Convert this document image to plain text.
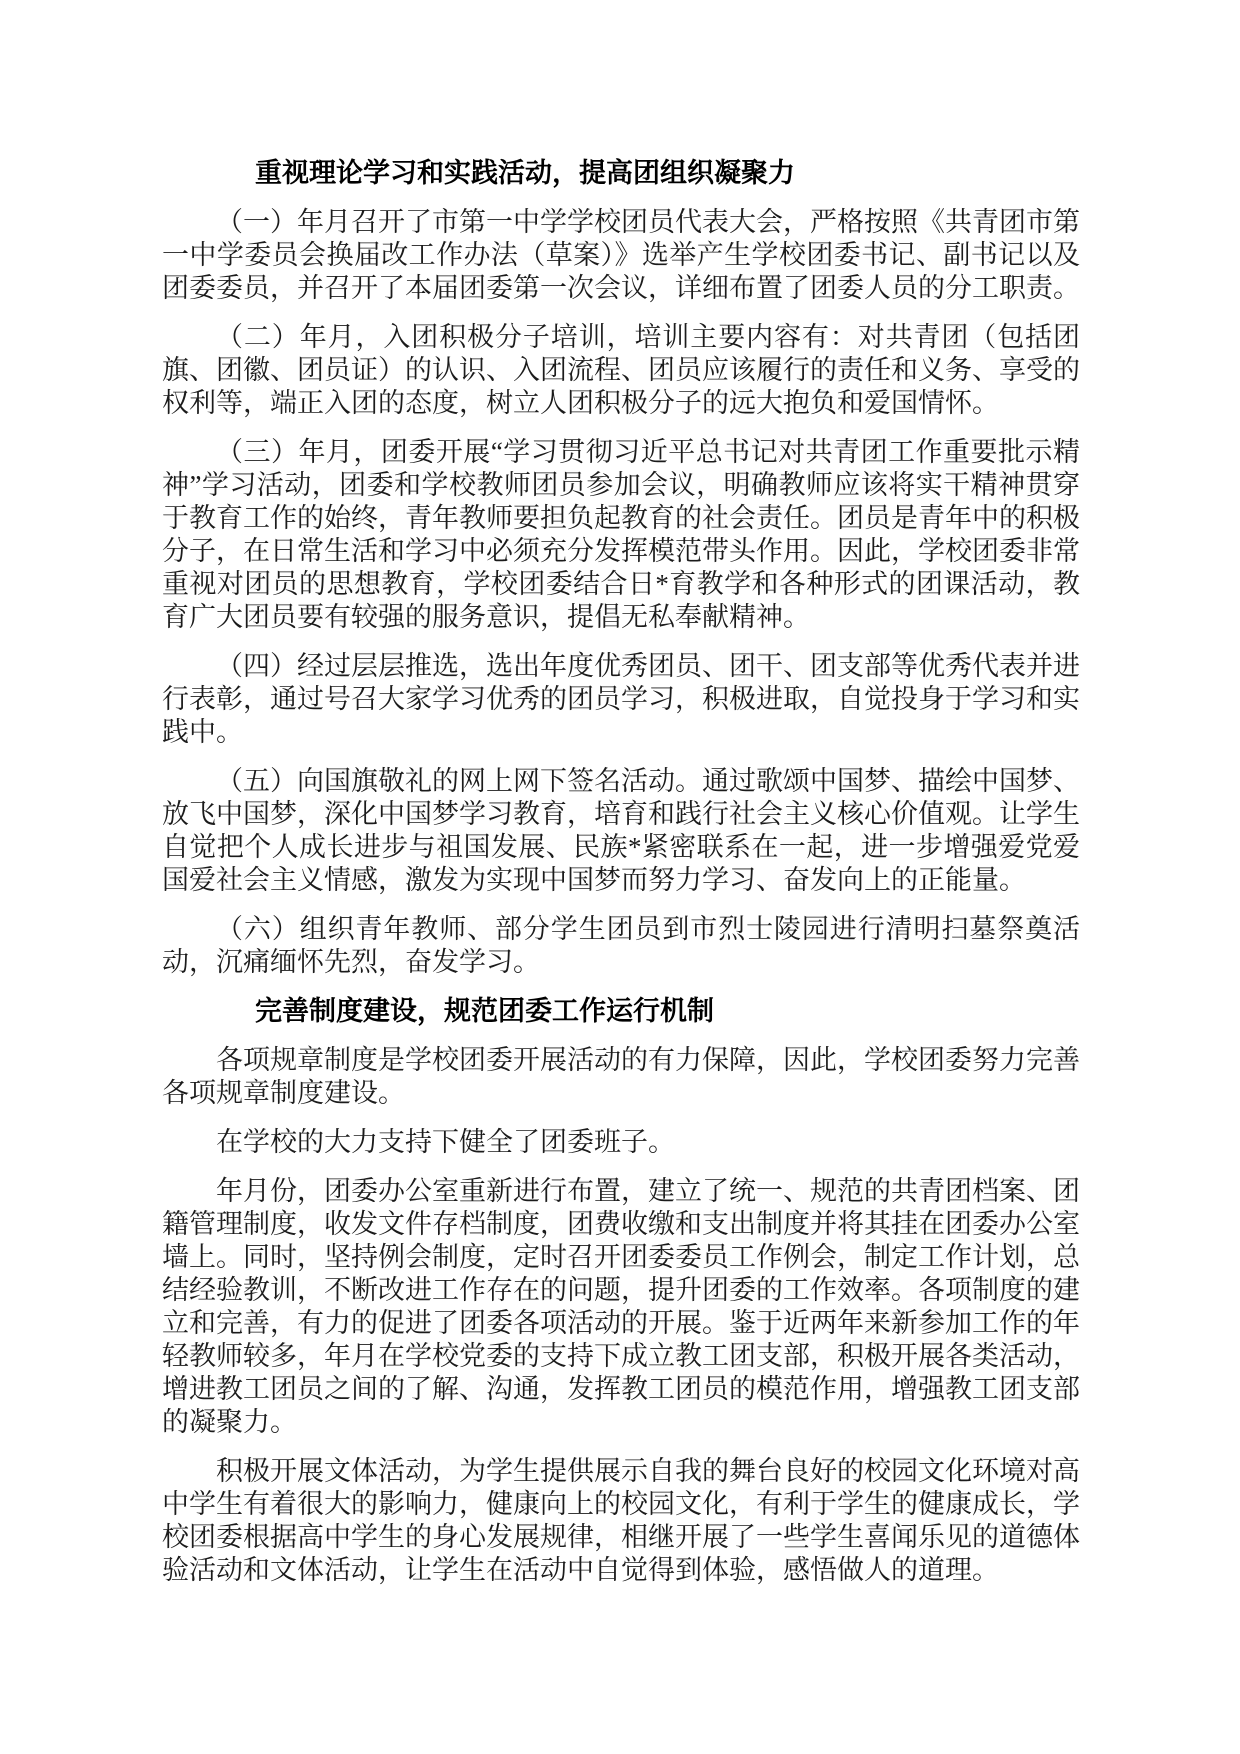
重视理论学习和实践活动，提高团组织凝聚力

（一）年月召开了市第一中学学校团员代表大会，严格按照《共青团市第一中学委员会换届改工作办法（草案）》选举产生学校团委书记、副书记以及团委委员，并召开了本届团委第一次会议，详细布置了团委人员的分工职责。

（二）年月，入团积极分子培训，培训主要内容有：对共青团（包括团旗、团徽、团员证）的认识、入团流程、团员应该履行的责任和义务、享受的权利等，端正入团的态度，树立人团积极分子的远大抱负和爱国情怀。

（三）年月，团委开展“学习贯彻习近平总书记对共青团工作重要批示精神”学习活动，团委和学校教师团员参加会议，明确教师应该将实干精神贯穿于教育工作的始终，青年教师要担负起教育的社会责任。团员是青年中的积极分子，在日常生活和学习中必须充分发挥模范带头作用。因此，学校团委非常重视对团员的思想教育，学校团委结合日*育教学和各种形式的团课活动，教育广大团员要有较强的服务意识，提倡无私奉献精神。

（四）经过层层推选，选出年度优秀团员、团干、团支部等优秀代表并进行表彰，通过号召大家学习优秀的团员学习，积极进取，自觉投身于学习和实践中。

（五）向国旗敬礼的网上网下签名活动。通过歌颂中国梦、描绘中国梦、放飞中国梦，深化中国梦学习教育，培育和践行社会主义核心价值观。让学生自觉把个人成长进步与祖国发展、民族*紧密联系在一起，进一步增强爱党爱国爱社会主义情感，激发为实现中国梦而努力学习、奋发向上的正能量。

（六）组织青年教师、部分学生团员到市烈士陵园进行清明扫墓祭奠活动，沉痛缅怀先烈，奋发学习。

完善制度建设，规范团委工作运行机制

各项规章制度是学校团委开展活动的有力保障，因此，学校团委努力完善各项规章制度建设。

在学校的大力支持下健全了团委班子。

年月份，团委办公室重新进行布置，建立了统一、规范的共青团档案、团籍管理制度，收发文件存档制度，团费收缴和支出制度并将其挂在团委办公室墙上。同时，坚持例会制度，定时召开团委委员工作例会，制定工作计划，总结经验教训，不断改进工作存在的问题，提升团委的工作效率。各项制度的建立和完善，有力的促进了团委各项活动的开展。鉴于近两年来新参加工作的年轻教师较多，年月在学校党委的支持下成立教工团支部，积极开展各类活动，增进教工团员之间的了解、沟通，发挥教工团员的模范作用，增强教工团支部的凝聚力。

积极开展文体活动，为学生提供展示自我的舞台良好的校园文化环境对高中学生有着很大的影响力，健康向上的校园文化，有利于学生的健康成长，学校团委根据高中学生的身心发展规律，相继开展了一些学生喜闻乐见的道德体验活动和文体活动，让学生在活动中自觉得到体验，感悟做人的道理。
